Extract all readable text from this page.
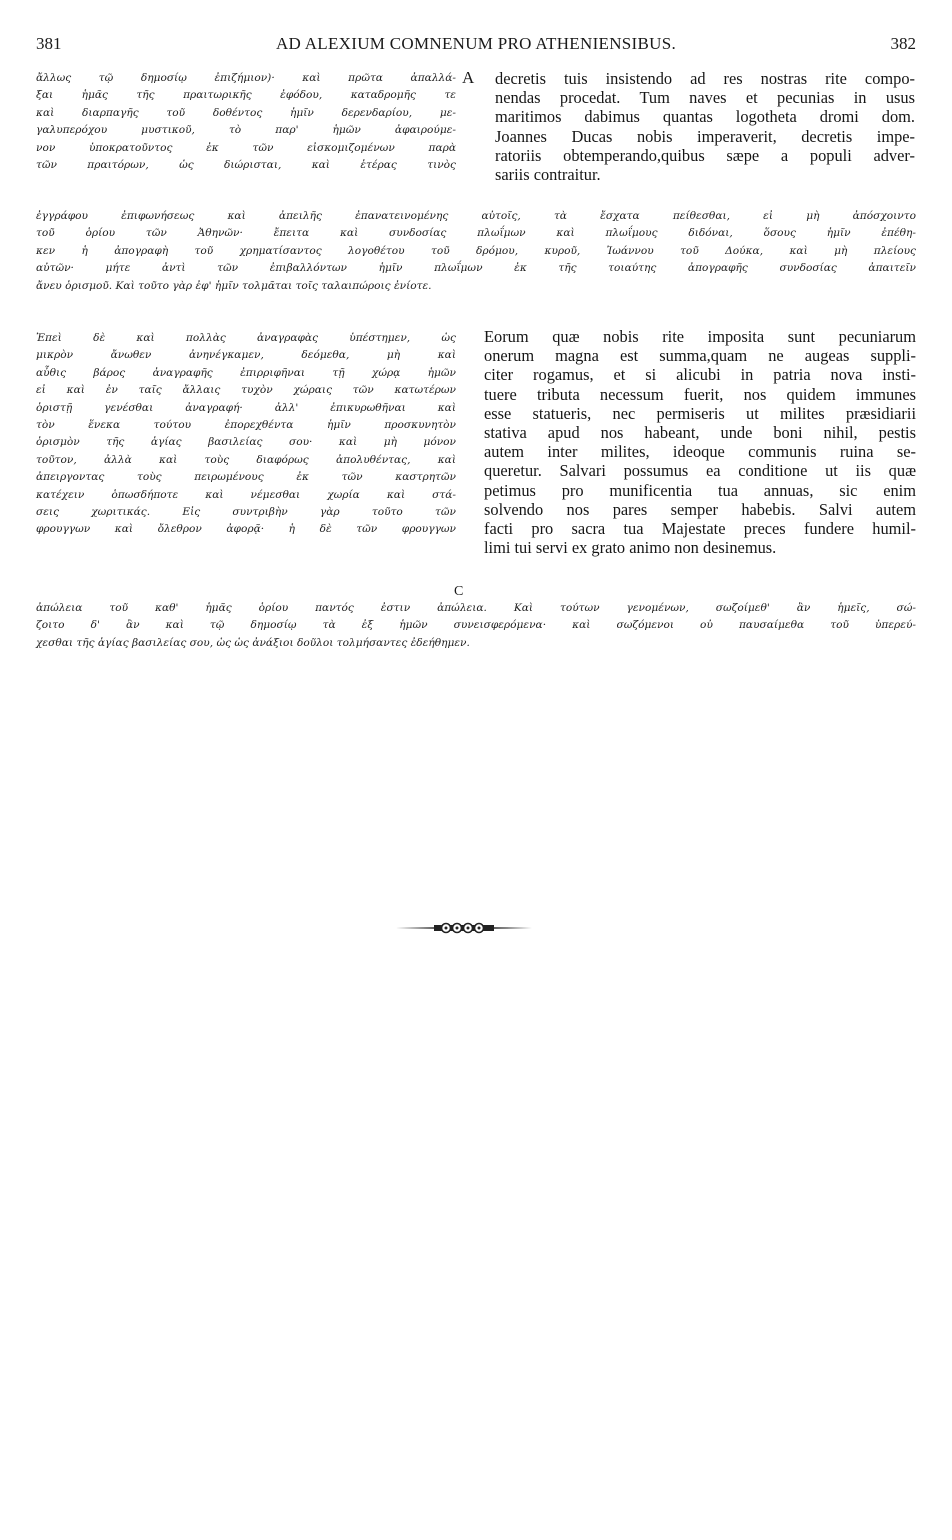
381	AD ALEXIUM COMNENUM PRO ATHENIENSIBUS.	382
A
ἄλλως τῷ δημοσίῳ ἐπιζήμιον)· καὶ πρῶτα ἀπαλλά-
ξαι ἡμᾶς τῆς πραιτωρικῆς ἐφόδου, καταδρομῆς τε
καὶ διαρπαγῆς τοῦ δοθέντος ἡμῖν δερενδαρίου, με-
γαλυπερόχου μυστικοῦ, τὸ παρ' ἡμῶν ἀφαιρούμε-
νον ὑποκρατοῦντος ἐκ τῶν εἰσκομιζομένων παρὰ
τῶν πραιτόρων, ὡς διώρισται, καὶ ἑτέρας τινὸς
decretis tuis insistendo ad res nostras rite compo-
nendas procedat. Tum naves et pecunias in usus
maritimos dabimus quantas logotheta dromi dom.
Joannes Ducas nobis imperaverit, decretis impe-
ratoriis obtemperando,quibus sæpe a populi adver-
sariis contraitur.
ἐγγράφου ἐπιφωνήσεως καὶ ἀπειλῆς ἐπανατεινομένης αὐτοῖς, τὰ ἔσχατα πείθεσθαι, εἰ μὴ ἀπόσχοιντο
τοῦ ὁρίου τῶν Ἀθηνῶν· ἔπειτα καὶ συνδοσίας πλωΐμων καὶ πλωΐμους διδόναι, ὅσους ἡμῖν ἐπέθη-
κεν ἡ ἀπογραφὴ τοῦ χρηματίσαντος λογοθέτου τοῦ δρόμου, κυροῦ, Ἰωάννου τοῦ Δούκα, καὶ μὴ πλείους
αὐτῶν· μήτε ἀντὶ τῶν ἐπιβαλλόντων ἡμῖν πλωΐμων ἐκ τῆς τοιαύτης ἀπογραφῆς συνδοσίας ἀπαιτεῖν
ἄνευ ὁρισμοῦ. Καὶ τοῦτο γὰρ ἐφ' ἡμῖν τολμᾶται τοῖς ταλαιπώροις ἐνίοτε.
Ἐπεὶ δὲ καὶ πολλὰς ἀναγραφὰς ὑπέστημεν, ὡς
μικρὸν ἄνωθεν ἀνηνέγκαμεν, δεόμεθα, μὴ καὶ
αὖθις βάρος ἀναγραφῆς ἐπιρριφῆναι τῇ χώρᾳ ἡμῶν
εἰ καὶ ἐν ταῖς ἄλλαις τυχὸν χώραις τῶν κατωτέρων
ὁριστῇ γενέσθαι ἀναγραφή· ἀλλ' ἐπικυρωθῆναι καὶ
τὸν ἕνεκα τούτου ἐπορεχθέντα ἡμῖν προσκυνητὸν
ὁρισμὸν τῆς ἁγίας βασιλείας σου· καὶ μὴ μόνον
τοῦτον, ἀλλὰ καὶ τοὺς διαφόρως ἀπολυθέντας, καὶ
ἀπειργοντας τοὺς πειρωμένους ἐκ τῶν καστρητῶν
κατέχειν ὁπωσδήποτε καὶ νέμεσθαι χωρία καὶ στά-
σεις χωριτικάς. Εἰς συντριβὴν γὰρ τοῦτο τῶν
φρουγγων καὶ ὄλεθρον ἀφορᾷ· ἡ δὲ τῶν φρουγγων
C
Eorum quæ nobis rite imposita sunt pecuniarum
onerum magna est summa,quam ne augeas suppli-
citer rogamus, et si alicubi in patria nova insti-
tuere tributa necessum fuerit, nos quidem immunes
esse statueris, nec permiseris ut milites præsidiarii
stativa apud nos habeant, unde boni nihil, pestis
autem inter milites, ideoque communis ruina se-
queretur. Salvari possumus ea conditione ut iis quæ
petimus pro munificentia tua annuas, sic enim
solvendo nos pares semper habebis. Salvi autem
facti pro sacra tua Majestate preces fundere humil-
limi tui servi ex grato animo non desinemus.
ἀπώλεια τοῦ καθ' ἡμᾶς ὁρίου παντός ἐστιν ἀπώλεια. Καὶ τούτων γενομένων, σωζοίμεθ' ἂν ἡμεῖς, σώ-
ζοιτο δ' ἂν καὶ τῷ δημοσίῳ τὰ ἐξ ἡμῶν συνεισφερόμενα· καὶ σωζόμενοι οὐ παυσαίμεθα τοῦ ὑπερεύ-
χεσθαι τῆς ἁγίας βασιλείας σου, ὡς ὡς ἀνάξιοι δοῦλοι τολμήσαντες ἐδεήθημεν.
